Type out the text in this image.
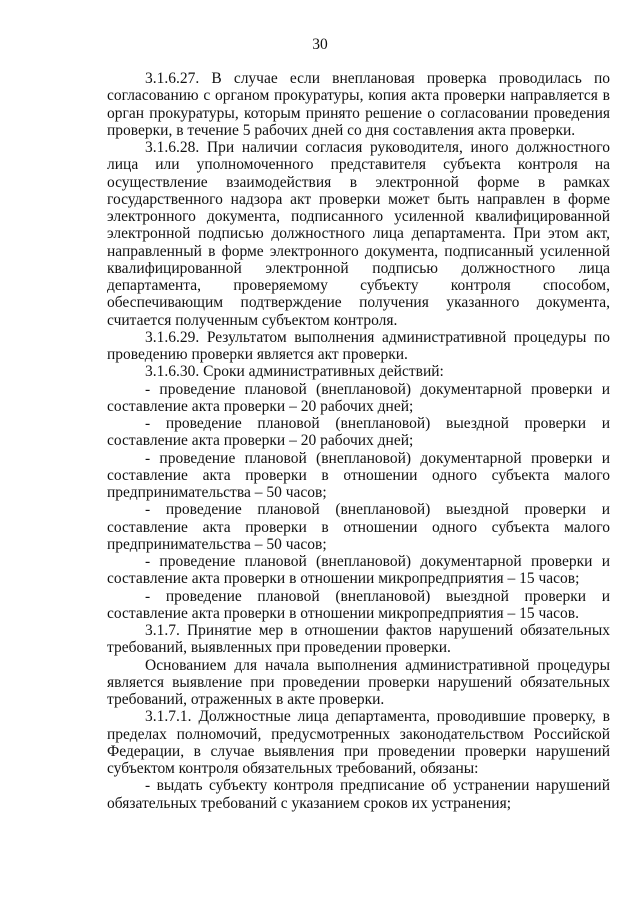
30

3.1.6.27. В случае если внеплановая проверка проводилась по согласованию с органом прокуратуры, копия акта проверки направляется в орган прокуратуры, которым принято решение о согласовании проведения проверки, в течение 5 рабочих дней со дня составления акта проверки.

3.1.6.28. При наличии согласия руководителя, иного должностного лица или уполномоченного представителя субъекта контроля на осуществление взаимодействия в электронной форме в рамках государственного надзора акт проверки может быть направлен в форме электронного документа, подписанного усиленной квалифицированной электронной подписью должностного лица департамента. При этом акт, направленный в форме электронного документа, подписанный усиленной квалифицированной электронной подписью должностного лица департамента, проверяемому субъекту контроля способом, обеспечивающим подтверждение получения указанного документа, считается полученным субъектом контроля.

3.1.6.29. Результатом выполнения административной процедуры по проведению проверки является акт проверки.

3.1.6.30. Сроки административных действий:

- проведение плановой (внеплановой) документарной проверки и составление акта проверки – 20 рабочих дней;

- проведение плановой (внеплановой) выездной проверки и составление акта проверки – 20 рабочих дней;

- проведение плановой (внеплановой) документарной проверки и составление акта проверки в отношении одного субъекта малого предпринимательства – 50 часов;

- проведение плановой (внеплановой) выездной проверки и составление акта проверки в отношении одного субъекта малого предпринимательства – 50 часов;

- проведение плановой (внеплановой) документарной проверки и составление акта проверки в отношении микропредприятия – 15 часов;

- проведение плановой (внеплановой) выездной проверки и составление акта проверки в отношении микропредприятия – 15 часов.

3.1.7. Принятие мер в отношении фактов нарушений обязательных требований, выявленных при проведении проверки.

Основанием для начала выполнения административной процедуры является выявление при проведении проверки нарушений обязательных требований, отраженных в акте проверки.

3.1.7.1. Должностные лица департамента, проводившие проверку, в пределах полномочий, предусмотренных законодательством Российской Федерации, в случае выявления при проведении проверки нарушений субъектом контроля обязательных требований, обязаны:

- выдать субъекту контроля предписание об устранении нарушений обязательных требований с указанием сроков их устранения;
